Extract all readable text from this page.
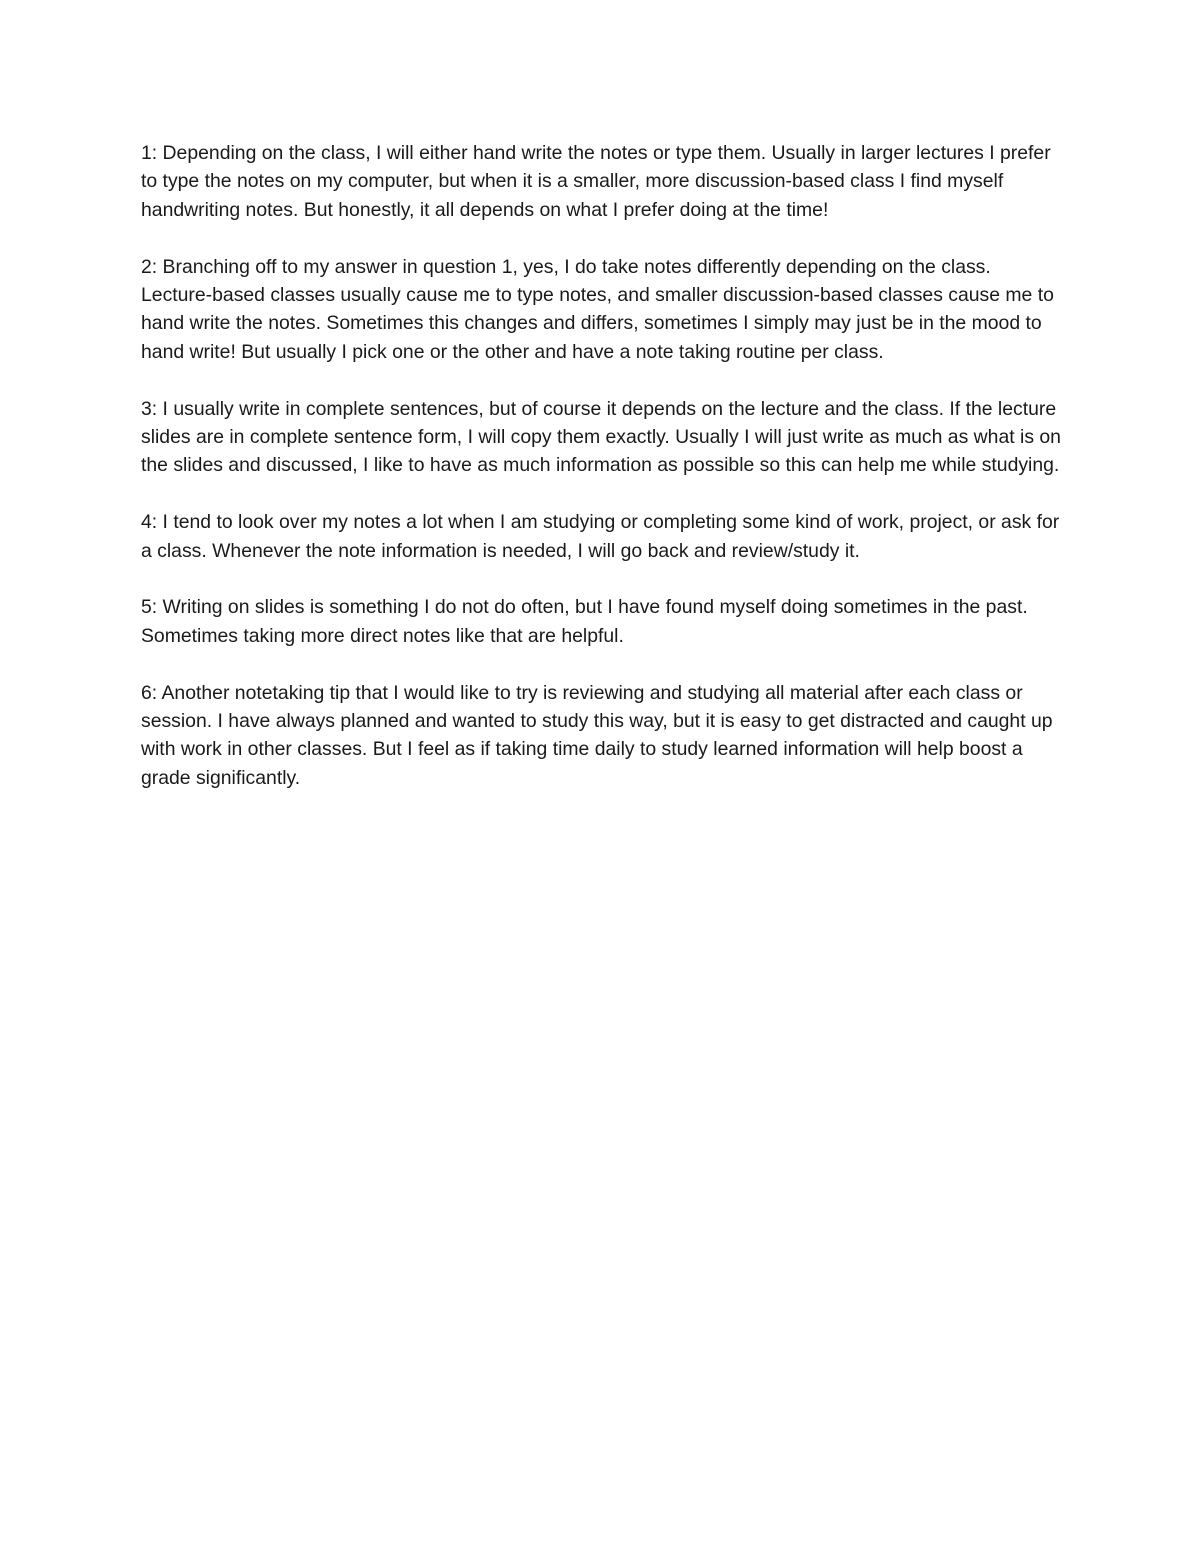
1: Depending on the class, I will either hand write the notes or type them. Usually in larger lectures I prefer to type the notes on my computer, but when it is a smaller, more discussion-based class I find myself handwriting notes. But honestly, it all depends on what I prefer doing at the time!

2: Branching off to my answer in question 1, yes, I do take notes differently depending on the class. Lecture-based classes usually cause me to type notes, and smaller discussion-based classes cause me to hand write the notes. Sometimes this changes and differs, sometimes I simply may just be in the mood to hand write! But usually I pick one or the other and have a note taking routine per class.

3: I usually write in complete sentences, but of course it depends on the lecture and the class. If the lecture slides are in complete sentence form, I will copy them exactly. Usually I will just write as much as what is on the slides and discussed, I like to have as much information as possible so this can help me while studying.

4: I tend to look over my notes a lot when I am studying or completing some kind of work, project, or ask for a class. Whenever the note information is needed, I will go back and review/study it.

5: Writing on slides is something I do not do often, but I have found myself doing sometimes in the past. Sometimes taking more direct notes like that are helpful.

6: Another notetaking tip that I would like to try is reviewing and studying all material after each class or session. I have always planned and wanted to study this way, but it is easy to get distracted and caught up with work in other classes. But I feel as if taking time daily to study learned information will help boost a grade significantly.
